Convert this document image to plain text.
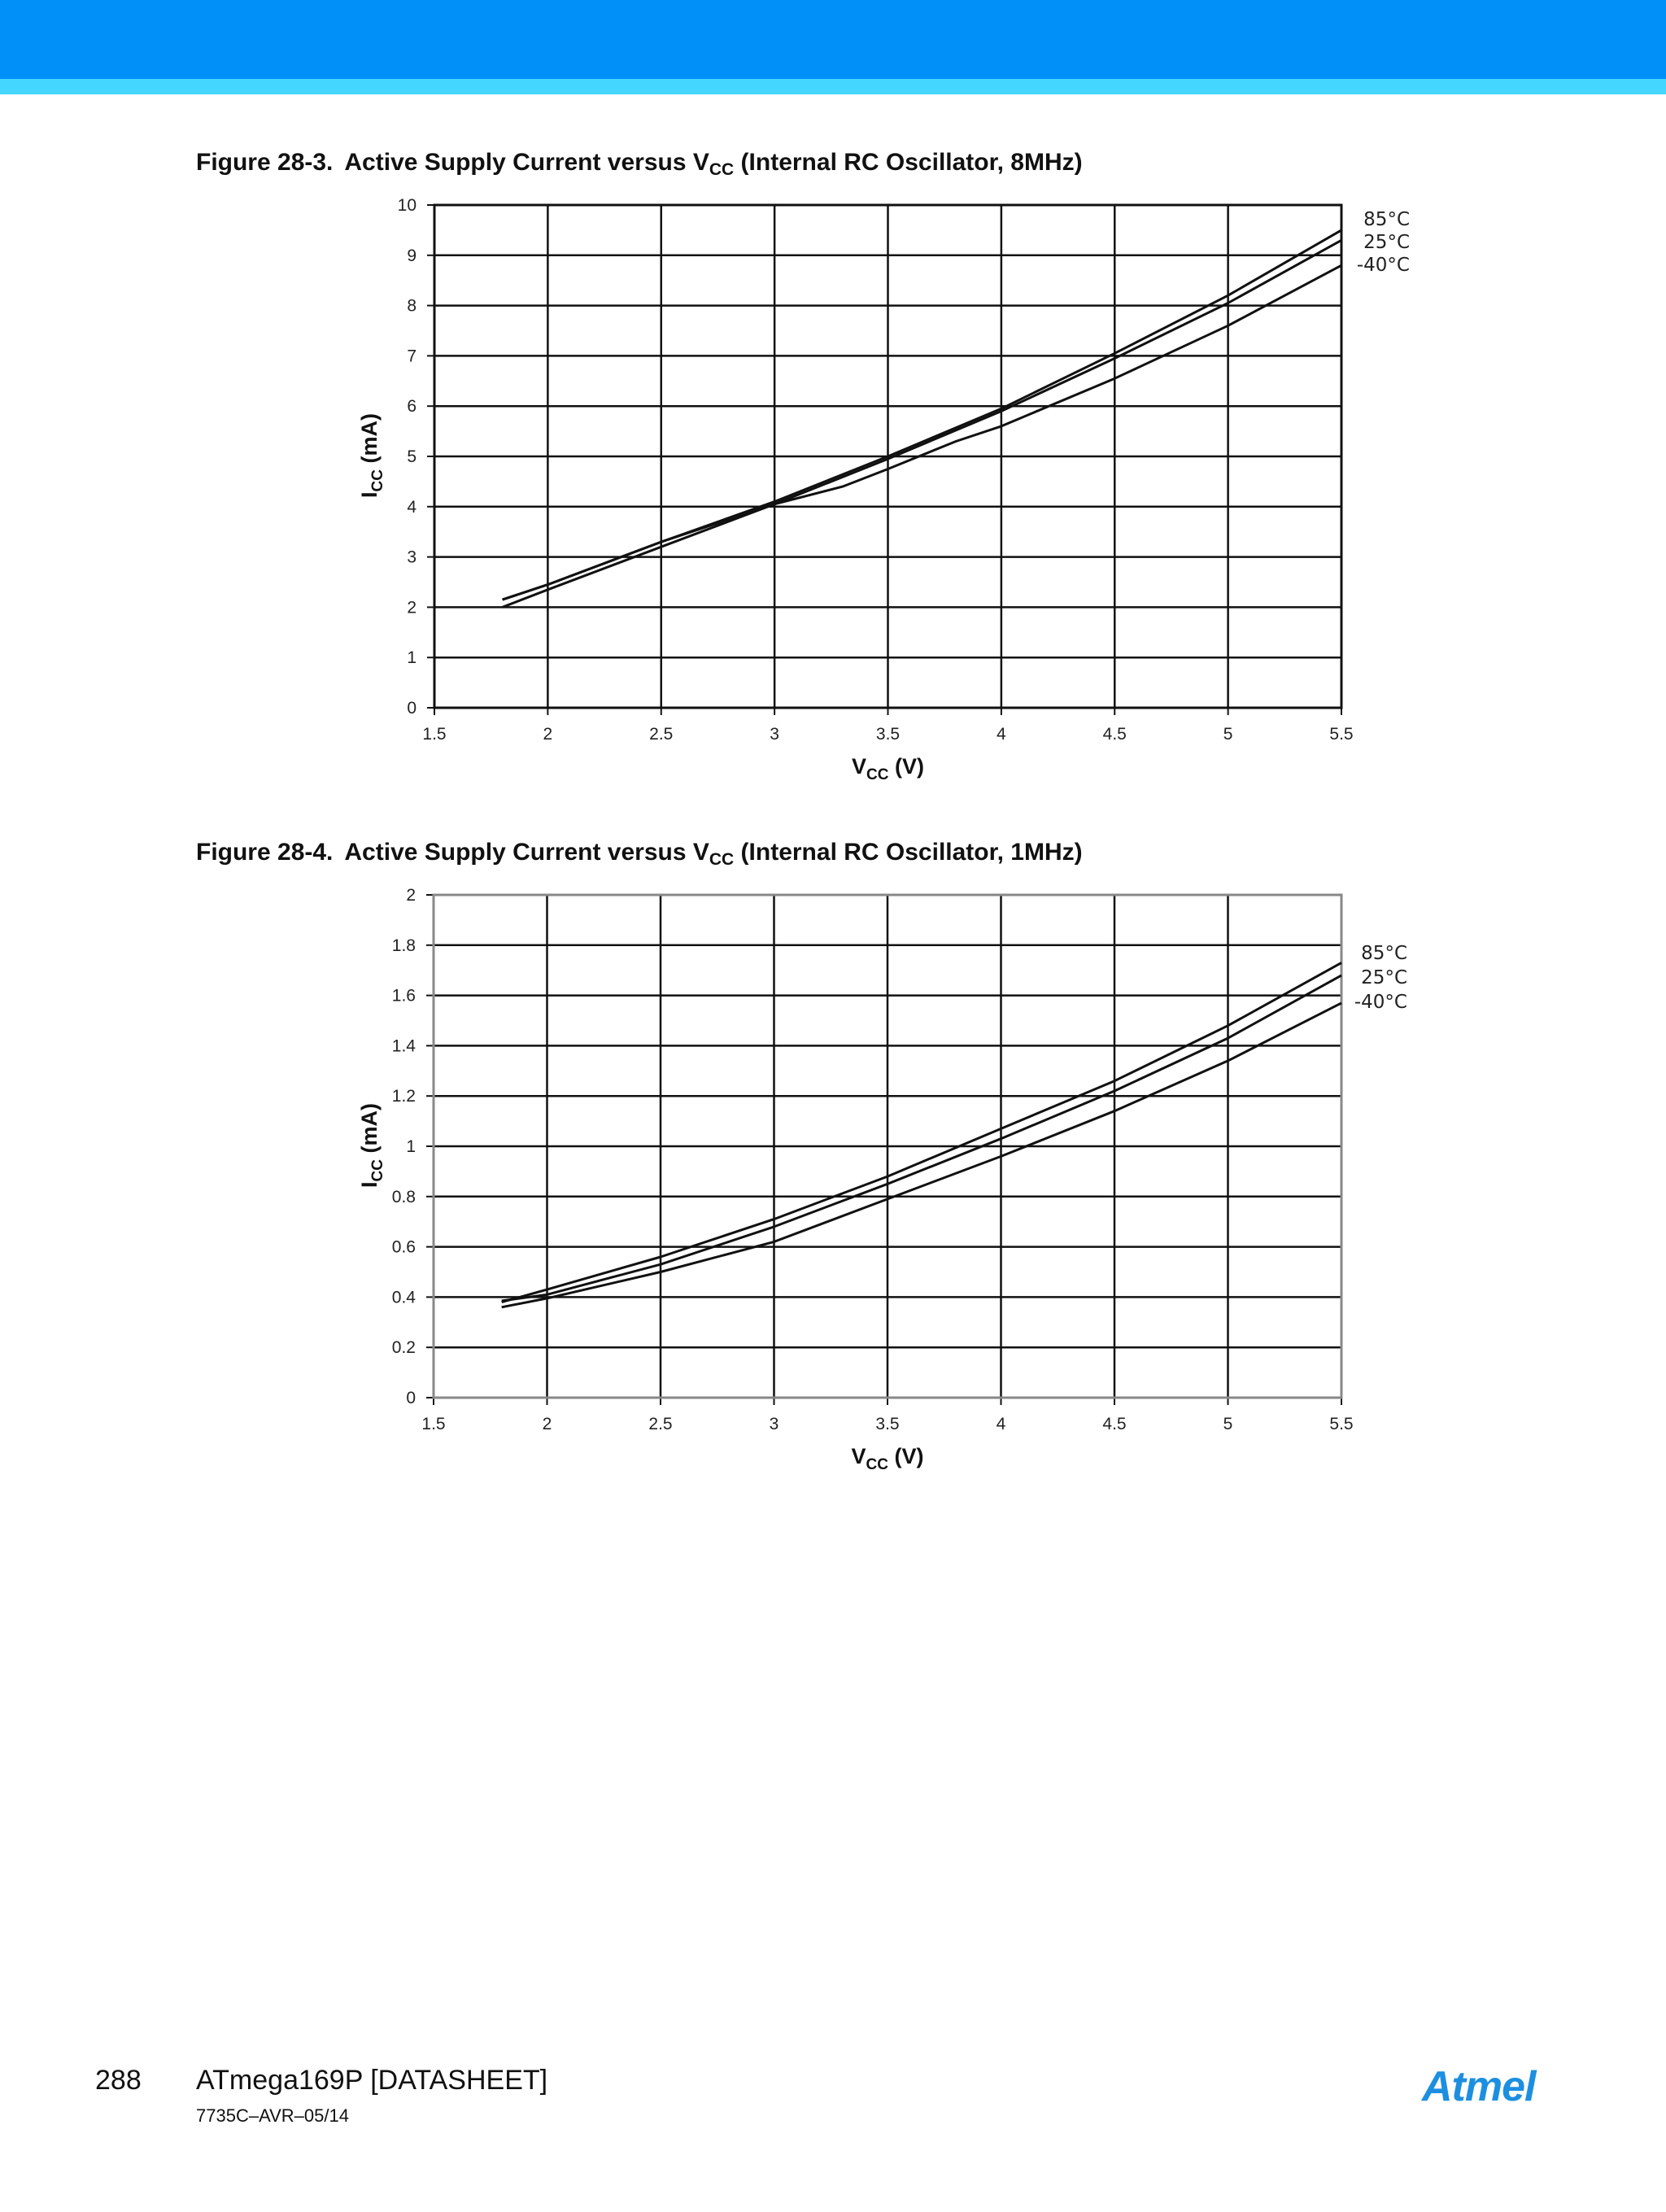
Figure 28-3. Active Supply Current versus $V_{CC}$ (Internal RC Oscillator, 8MHz)
1.5	2	2.5	3	3.5	4	4.5	5	5.5
0
1
2
3
4
5
6
7
8
9
10
$V_{CC}$ (V)
$I_{CC}$ (mA)
85°C
25°C
-40°C
Figure 28-4. Active Supply Current versus $V_{CC}$ (Internal RC Oscillator, 1MHz)
1.5	2	2.5	3	3.5	4	4.5	5	5.5
0
0.2
0.4
0.6
0.8
1
1.2
1.4
1.6
1.8
2
$V_{CC}$ (V)
$I_{CC}$ (mA)
85°C
25°C
-40°C
288 ATmega169P [DATASHEET]
7735C–AVR–05/14
Atmel
